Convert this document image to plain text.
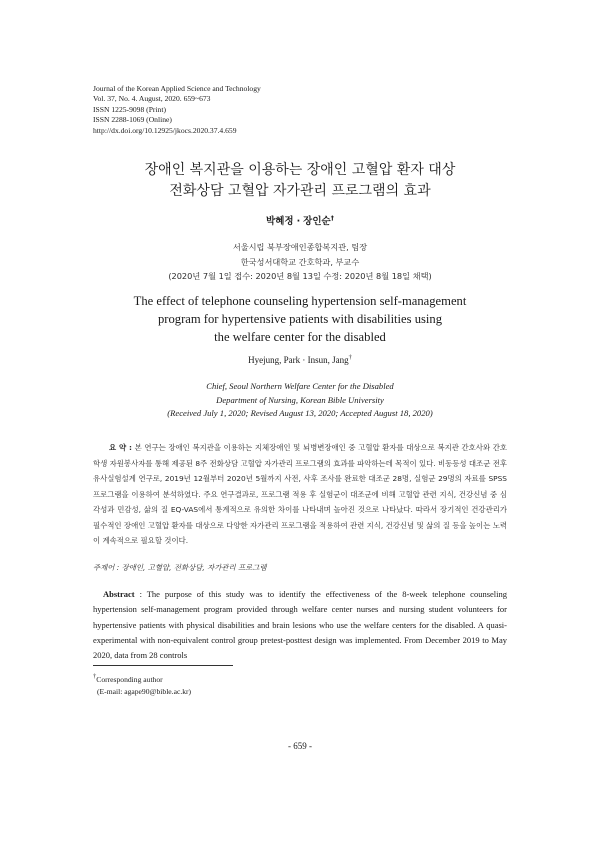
Journal of the Korean Applied Science and Technology
Vol. 37, No. 4. August, 2020. 659~673
ISSN 1225-9098 (Print)
ISSN 2288-1069 (Online)
http://dx.doi.org/10.12925/jkocs.2020.37.4.659
장애인 복지관을 이용하는 장애인 고혈압 환자 대상
전화상담 고혈압 자가관리 프로그램의 효과
박혜정 · 장인순†
서울시립 북부장애인종합복지관, 팀장
한국성서대학교 간호학과, 부교수
(2020년 7월 1일 접수: 2020년 8월 13일 수정: 2020년 8월 18일 채택)
The effect of telephone counseling hypertension self-management
program for hypertensive patients with disabilities using
the welfare center for the disabled
Hyejung, Park · Insun, Jang†
Chief, Seoul Northern Welfare Center for the Disabled
Department of Nursing, Korean Bible University
(Received July 1, 2020; Revised August 13, 2020; Accepted August 18, 2020)
요 약 : 본 연구는 장애인 복지관을 이용하는 지체장애인 및 뇌병변장애인 중 고혈압 환자를 대상으로 복지관 간호사와 간호학생 자원봉사자를 통해 제공된 8주 전화상담 고혈압 자가관리 프로그램의 효과를 파악하는데 목적이 있다. 비동등성 대조군 전후 유사실험설계 연구로, 2019년 12월부터 2020년 5월까지 사전, 사후 조사를 완료한 대조군 28명, 실험군 29명의 자료를 SPSS 프로그램을 이용하여 분석하였다. 주요 연구결과로, 프로그램 적용 후 실험군이 대조군에 비해 고혈압 관련 지식, 건강신념 중 심각성과 민감성, 삶의 질 EQ-VAS에서 통계적으로 유의한 차이를 나타내며 높아진 것으로 나타났다. 따라서 장기적인 건강관리가 필수적인 장애인 고혈압 환자를 대상으로 다양한 자가관리 프로그램을 적용하여 관련 지식, 건강신념 및 삶의 질 등을 높이는 노력이 계속적으로 필요할 것이다.
주제어 : 장애인, 고혈압, 전화상담, 자가관리 프로그램
Abstract : The purpose of this study was to identify the effectiveness of the 8-week telephone counseling hypertension self-management program provided through welfare center nurses and nursing student volunteers for hypertensive patients with physical disabilities and brain lesions who use the welfare centers for the disabled. A quasi-experimental with non-equivalent control group pretest-posttest design was implemented. From December 2019 to May 2020, data from 28 controls
†Corresponding author
(E-mail: agape90@bible.ac.kr)
- 659 -
